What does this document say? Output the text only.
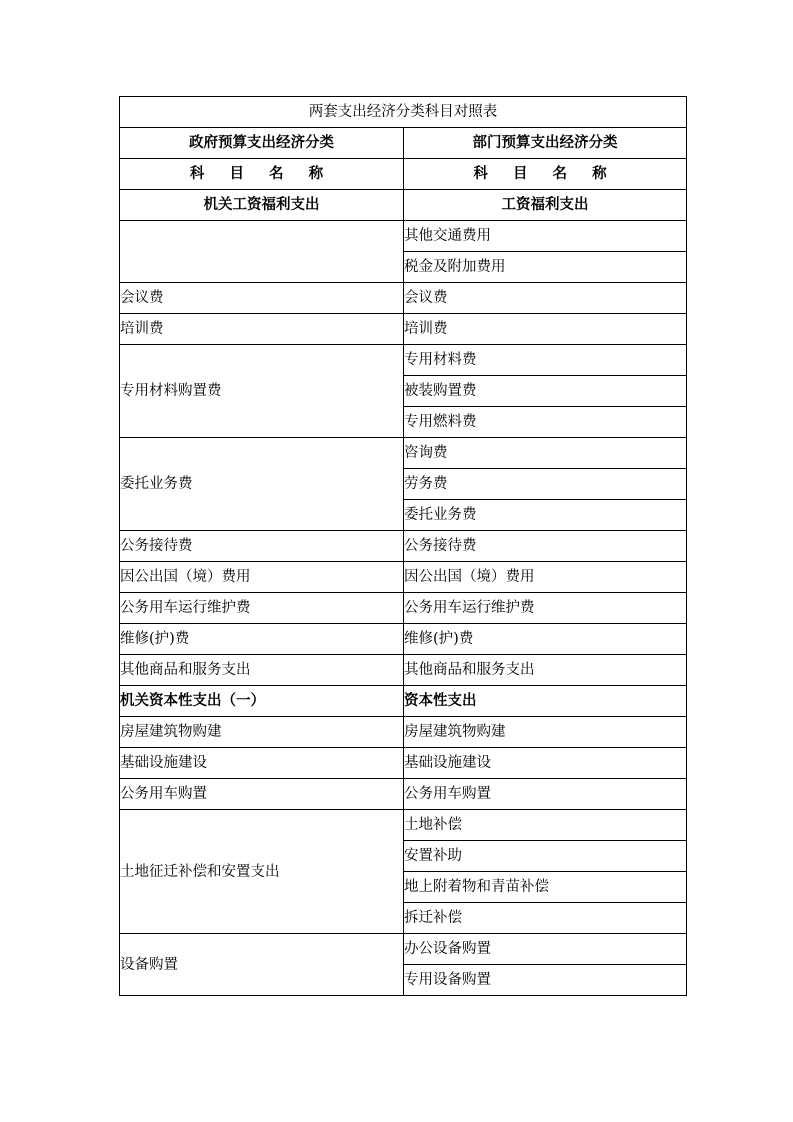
两套支出经济分类科目对照表	
政府预算支出经济分类	部门预算支出经济分类
科 目 名 称	科 目 名 称
机关工资福利支出	工资福利支出
	其他交通费用
	税金及附加费用
会议费	会议费
培训费	培训费
专用材料购置费	专用材料费
	被装购置费
	专用燃料费
委托业务费	咨询费
	劳务费
	委托业务费
公务接待费	公务接待费
因公出国（境）费用	因公出国（境）费用
公务用车运行维护费	公务用车运行维护费
维修(护)费	维修(护)费
其他商品和服务支出	其他商品和服务支出
机关资本性支出（一）	资本性支出
房屋建筑物购建	房屋建筑物购建
基础设施建设	基础设施建设
公务用车购置	公务用车购置
土地征迁补偿和安置支出	土地补偿
	安置补助
	地上附着物和青苗补偿
	拆迁补偿
设备购置	办公设备购置
	专用设备购置
